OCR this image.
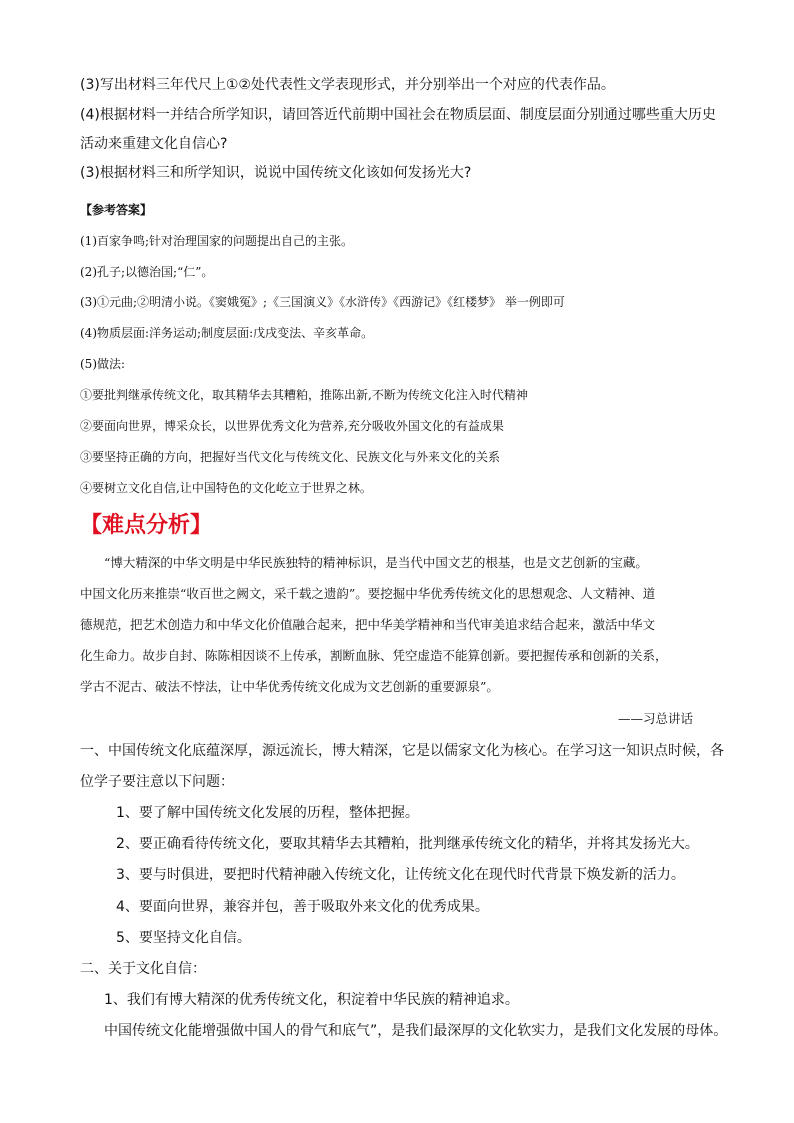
(3)写出材料三年代尺上①②处代表性文学表现形式，并分别举出一个对应的代表作品。
(4)根据材料一并结合所学知识，请回答近代前期中国社会在物质层面、制度层面分别通过哪些重大历史
活动来重建文化自信心?
(3)根据材料三和所学知识，说说中国传统文化该如何发扬光大?
【参考答案】
(1)百家争鸣;针对治理国家的问题提出自己的主张。
(2)孔子;以德治国;“仁”。
(3)①元曲;②明清小说。《窦娥冤》;《三国演义》《水浒传》《西游记》《红楼梦》 举一例即可
(4)物质层面:洋务运动;制度层面:戊戌变法、辛亥革命。
(5)做法:
①要批判继承传统文化，取其精华去其糟粕，推陈出新,不断为传统文化注入时代精神
②要面向世界，博采众长，以世界优秀文化为营养,充分吸收外国文化的有益成果
③要坚持正确的方向，把握好当代文化与传统文化、民族文化与外来文化的关系
④要树立文化自信,让中国特色的文化屹立于世界之林。
【难点分析】
“博大精深的中华文明是中华民族独特的精神标识，是当代中国文艺的根基，也是文艺创新的宝藏。
中国文化历来推崇“收百世之阙文，采千载之遗韵”。要挖掘中华优秀传统文化的思想观念、人文精神、道
德规范，把艺术创造力和中华文化价值融合起来，把中华美学精神和当代审美追求结合起来，激活中华文
化生命力。故步自封、陈陈相因谈不上传承，割断血脉、凭空虚造不能算创新。要把握传承和创新的关系，
学古不泥古、破法不悖法，让中华优秀传统文化成为文艺创新的重要源泉”。
——习总讲话
一、中国传统文化底蕴深厚，源远流长，博大精深，它是以儒家文化为核心。在学习这一知识点时候，各
位学子要注意以下问题：
1、要了解中国传统文化发展的历程，整体把握。
2、要正确看待传统文化，要取其精华去其糟粕，批判继承传统文化的精华，并将其发扬光大。
3、要与时俱进，要把时代精神融入传统文化，让传统文化在现代时代背景下焕发新的活力。
4、要面向世界，兼容并包，善于吸取外来文化的优秀成果。
5、要坚持文化自信。
二、关于文化自信：
1、我们有博大精深的优秀传统文化，积淀着中华民族的精神追求。
中国传统文化能增强做中国人的骨气和底气”，是我们最深厚的文化软实力，是我们文化发展的母体。
